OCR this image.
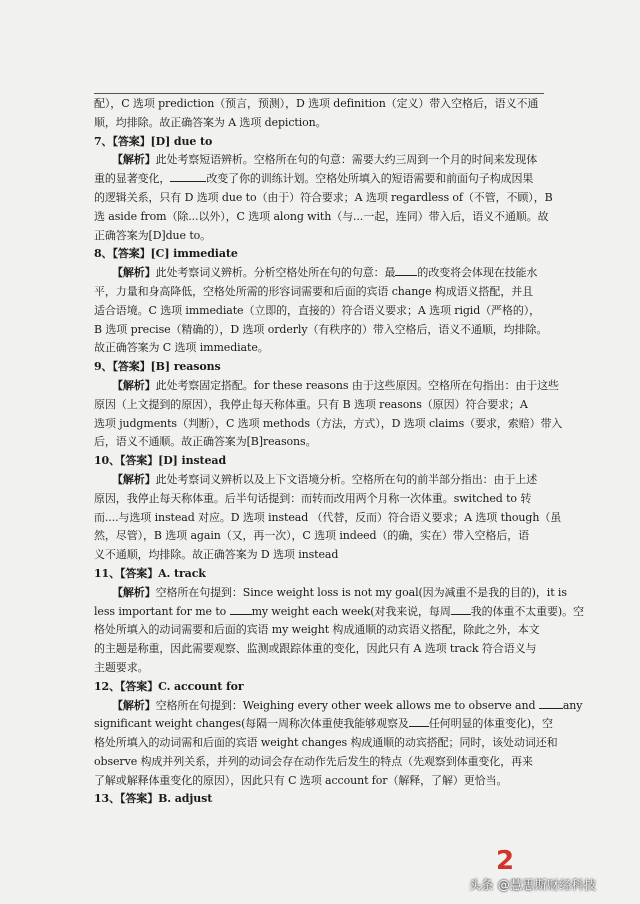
配），C 选项 prediction（预言，预测），D 选项 definition（定义）带入空格后，语义不通
顺，均排除。故正确答案为 A 选项 depiction。
7、【答案】[D] due to
【解析】此处考察短语辨析。空格所在句的句意：需要大约三周到一个月的时间来发现体
重的显著变化，	改变了你的训练计划。空格处所填入的短语需要和前面句子构成因果
的逻辑关系，只有 D 选项 due to（由于）符合要求；A 选项 regardless of（不管，不顾），B
选 aside from（除...以外），C 选项 along with（与...一起，连同）带入后，语义不通顺。故
正确答案为[D]due to。
8、【答案】[C] immediate
【解析】此处考察词义辨析。分析空格处所在句的句意：最 的改变将会体现在技能水
平，力量和身高降低，空格处所需的形容词需要和后面的宾语 change 构成语义搭配，并且
适合语境。C 选项 immediate（立即的，直接的）符合语义要求；A 选项 rigid（严格的），
B 选项 precise（精确的），D 选项 orderly（有秩序的）带入空格后，语义不通顺，均排除。
故正确答案为 C 选项 immediate。
9、【答案】[B] reasons
【解析】此处考察固定搭配。for these reasons 由于这些原因。空格所在句指出：由于这些
原因（上文提到的原因），我停止每天称体重。只有 B 选项 reasons（原因）符合要求；A
选项 judgments（判断），C 选项 methods（方法，方式），D 选项 claims（要求，索赔）带入
后，语义不通顺。故正确答案为[B]reasons。
10、【答案】[D] instead
【解析】此处考察词义辨析以及上下文语境分析。空格所在句的前半部分指出：由于上述
原因，我停止每天称体重。后半句话提到：而转而改用两个月称一次体重。switched to 转
而....与选项 instead 对应。D 选项 instead （代替，反而）符合语义要求；A 选项 though（虽
然，尽管），B 选项 again（又，再一次），C 选项 indeed（的确，实在）带入空格后，语
义不通顺，均排除。故正确答案为 D 选项 instead
11、【答案】A. track
【解析】空格所在句提到：Since weight loss is not my goal(因为减重不是我的目的)，it is
less important for me to my weight each week(对我来说，每周 我的体重不太重要)。空
格处所填入的动词需要和后面的宾语 my weight 构成通顺的动宾语义搭配，除此之外，本文
的主题是称重，因此需要观察、监测或跟踪体重的变化，因此只有 A 选项 track 符合语义与
主题要求。
12、【答案】C. account for
【解析】空格所在句提到：Weighing every other week allows me to observe and any
significant weight changes(每隔一周称次体重使我能够观察及 任何明显的体重变化)，空
格处所填入的动词需和后面的宾语 weight changes 构成通顺的动宾搭配；同时，该处动词还和
observe 构成并列关系，并列的动词会存在动作先后发生的特点（先观察到体重变化，再来
了解或解释体重变化的原因），因此只有 C 选项 account for（解释，了解）更恰当。
13、【答案】B. adjust
2
头条 @慧思斯财经科技
